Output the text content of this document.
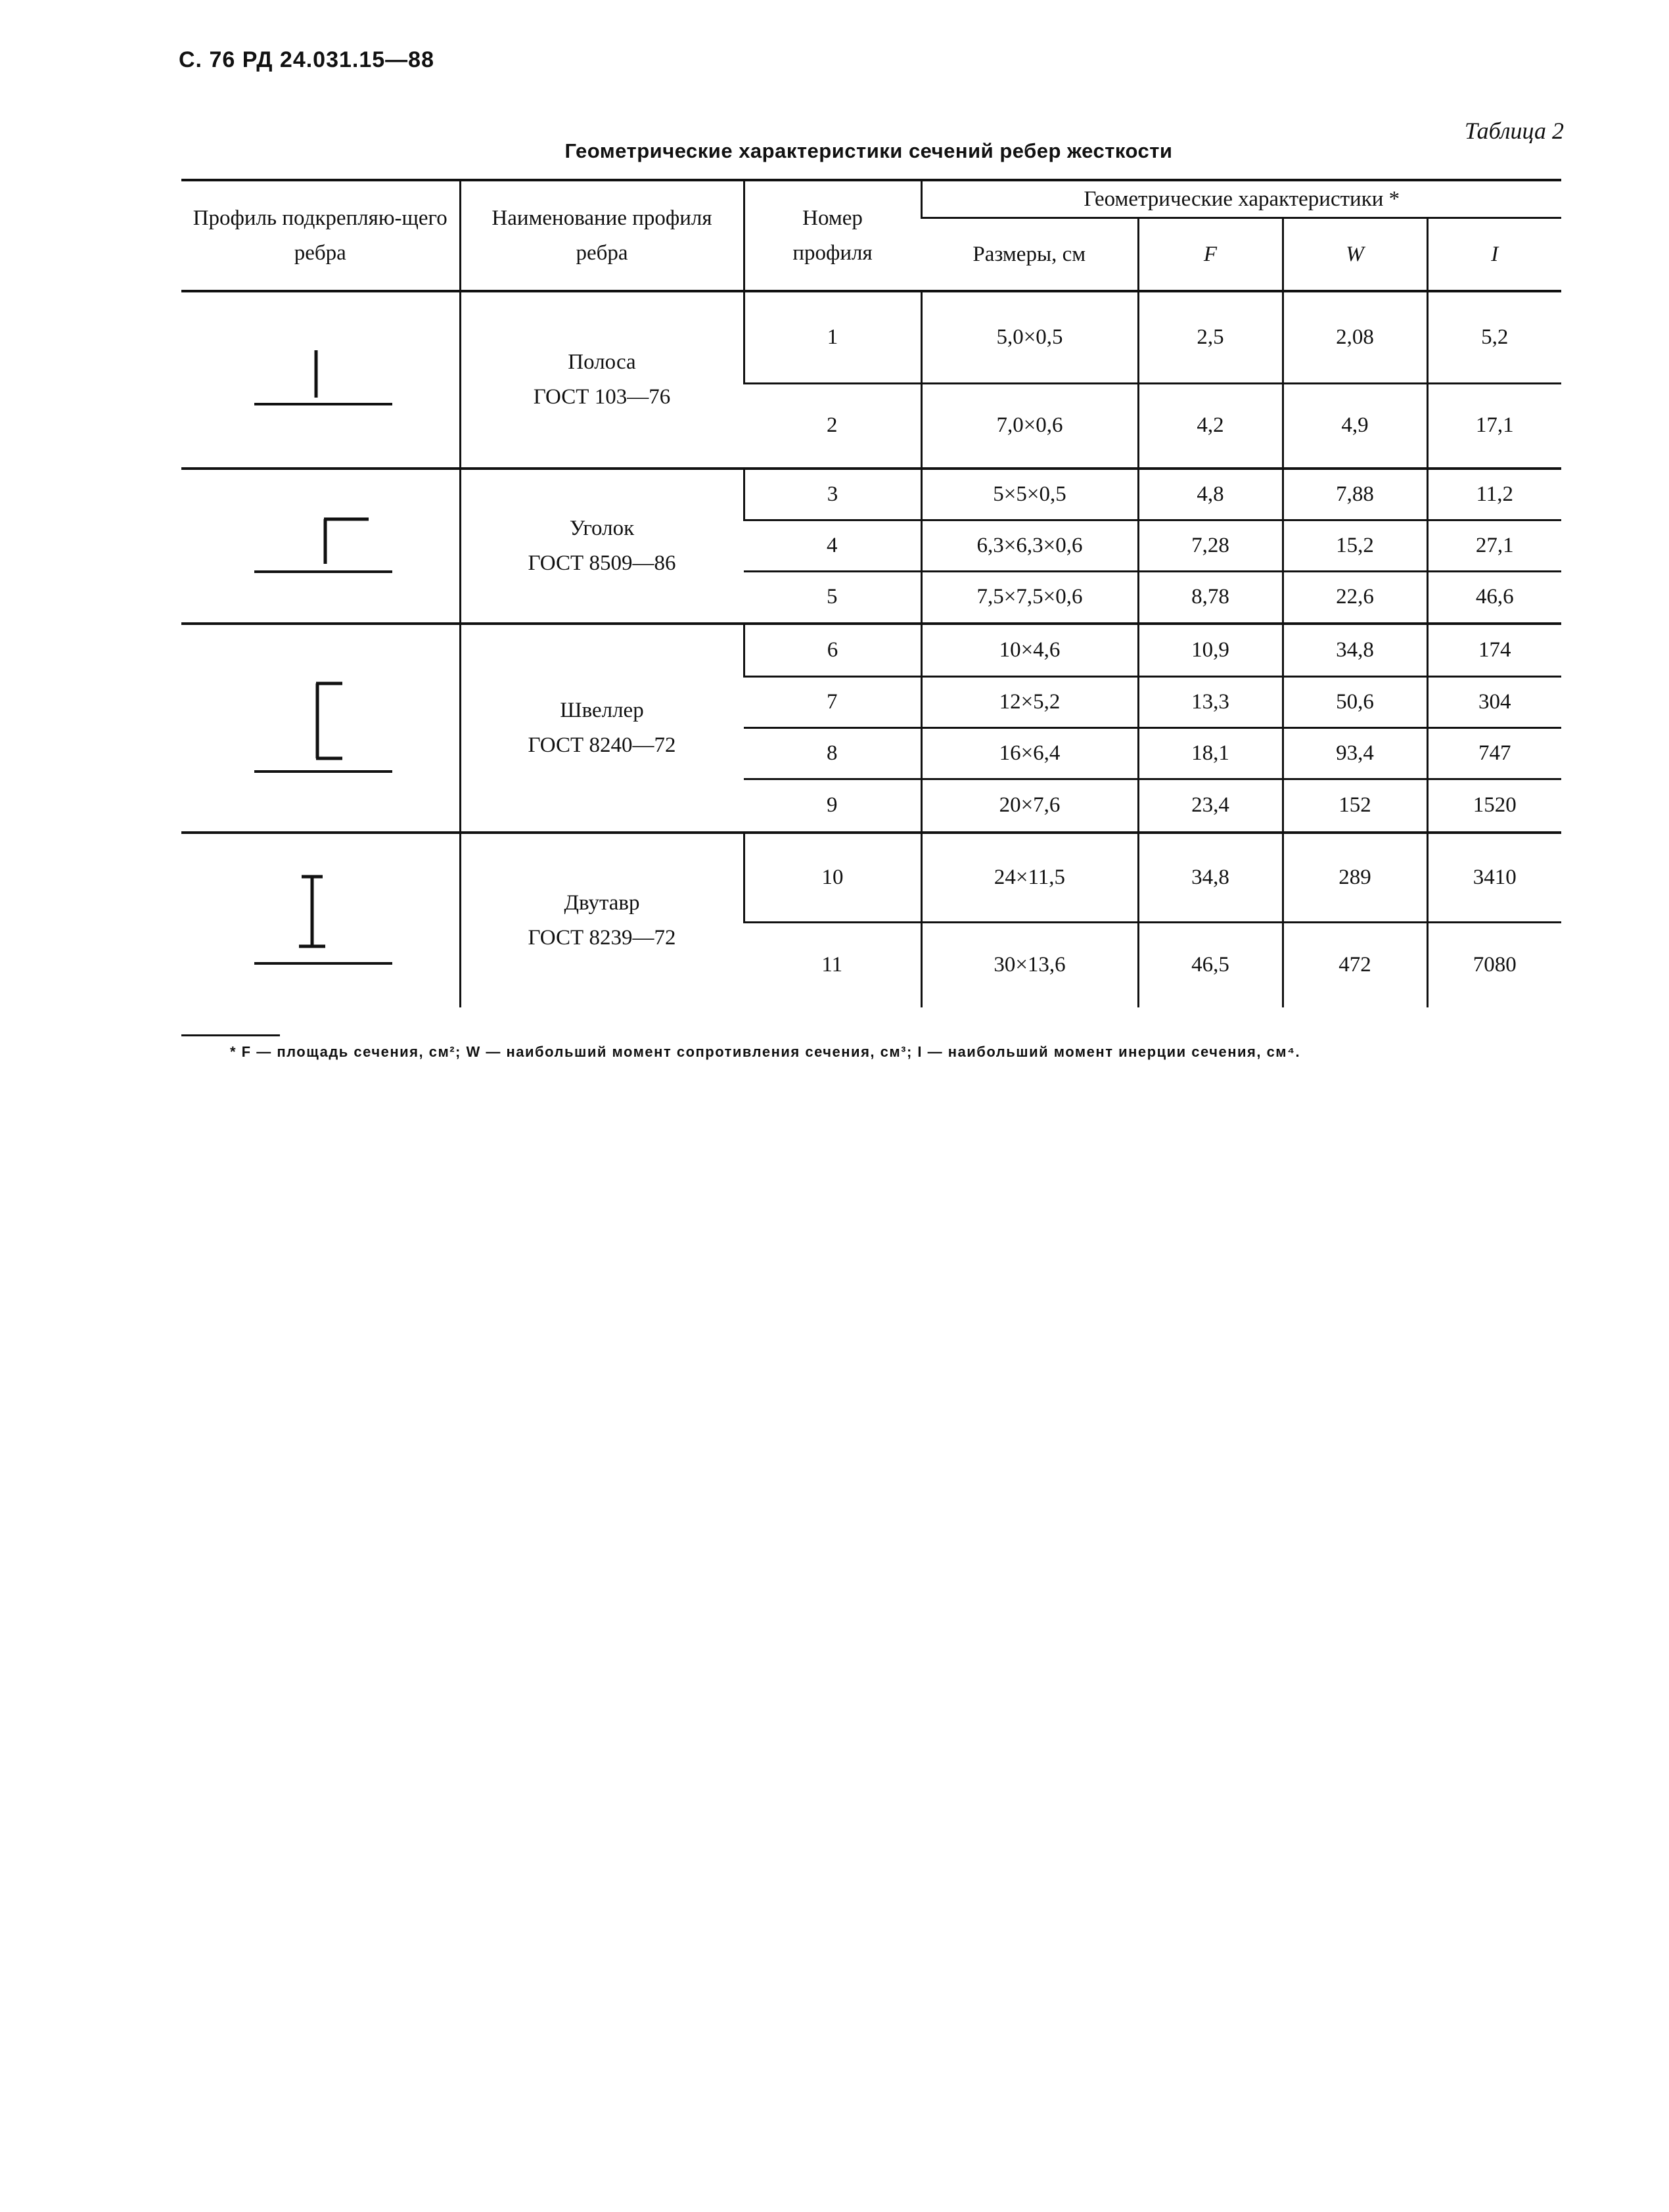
С. 76 РД 24.031.15—88
Таблица 2
Геометрические характеристики сечений ребер жесткости
Профиль подкрепляю-щего ребра	Наименование профиля ребра	Номер профиля	Геометрические характеристики *			
			Размеры, см	F	W	I

Полоса
ГОСТ 103—76	1	5,0×0,5	2,5	2,08	5,2
		2	7,0×0,6	4,2	4,9	17,1

Уголок
ГОСТ 8509—86	3	5×5×0,5	4,8	7,88	11,2
		4	6,3×6,3×0,6	7,28	15,2	27,1
		5	7,5×7,5×0,6	8,78	22,6	46,6

Швеллер
ГОСТ 8240—72	6	10×4,6	10,9	34,8	174
		7	12×5,2	13,3	50,6	304
		8	16×6,4	18,1	93,4	747
		9	20×7,6	23,4	152	1520

Двутавр
ГОСТ 8239—72	10	24×11,5	34,8	289	3410
		11	30×13,6	46,5	472	7080
* F — площадь сечения, см²; W — наибольший момент сопротивления сечения, см³; I — наибольший момент инерции сечения, см⁴.
